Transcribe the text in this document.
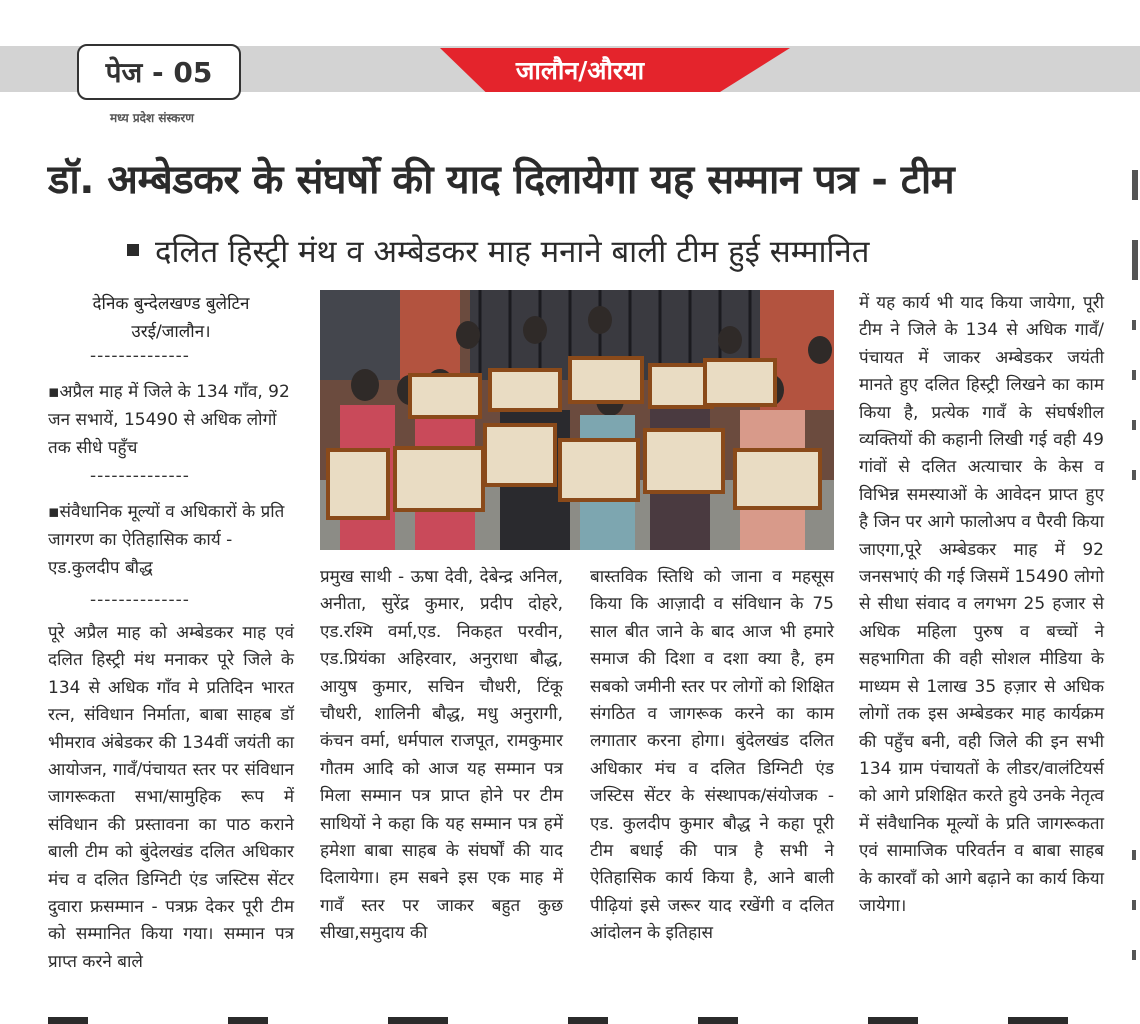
पेज - 05
मध्य प्रदेश संस्करण
जालौन/औरया
डॉ. अम्बेडकर के संघर्षो की याद दिलायेगा यह सम्मान पत्र - टीम
दलित हिस्ट्री मंथ व अम्बेडकर माह मनाने बाली टीम हुई सम्मानित
देनिक बुन्देलखण्ड बुलेटिन
उरई/जालौन।
--------------
▪अप्रैल माह में जिले के 134 गाँव, 92 जन सभायें, 15490 से अधिक लोगों तक सीधे पहुँच
--------------
▪संवैधानिक मूल्यों व अधिकारों के प्रति जागरण का ऐतिहासिक कार्य - एड.कुलदीप बौद्ध
--------------
पूरे अप्रैल माह को अम्बेडकर माह एवं दलित हिस्ट्री मंथ मनाकर पूरे जिले के 134 से अधिक गाँव मे प्रतिदिन भारत रत्न, संविधान निर्माता, बाबा साहब डॉ भीमराव अंबेडकर की 134वीं जयंती का आयोजन, गावँ/पंचायत स्तर पर संविधान जागरूकता सभा/सामुहिक रूप में संविधान की प्रस्तावना का पाठ कराने बाली टीम को बुंदेलखंड दलित अधिकार मंच व दलित डिग्निटी एंड जस्टिस सेंटर दुवारा फ्रसम्मान - पत्रफ्र देकर पूरी टीम को सम्मानित किया गया। सम्मान पत्र प्राप्त करने बाले
प्रमुख साथी - ऊषा देवी, देबेन्द्र अनिल, अनीता, सुरेंद्र कुमार, प्रदीप दोहरे, एड.रश्मि वर्मा,एड. निकहत परवीन, एड.प्रियंका अहिरवार, अनुराधा बौद्ध, आयुष कुमार, सचिन चौधरी, टिंकू चौधरी, शालिनी बौद्ध, मधु अनुरागी, कंचन वर्मा, धर्मपाल राजपूत, रामकुमार गौतम आदि को आज यह सम्मान पत्र मिला सम्मान पत्र प्राप्त होने पर टीम साथियों ने कहा कि यह सम्मान पत्र हमें हमेशा बाबा साहब के संघर्षों की याद दिलायेगा। हम सबने इस एक माह में गावँ स्तर पर जाकर बहुत कुछ सीखा,समुदाय की
बास्तविक स्तिथि को जाना व महसूस किया कि आज़ादी व संविधान के 75 साल बीत जाने के बाद आज भी हमारे समाज की दिशा व दशा क्या है, हम सबको जमीनी स्तर पर लोगों को शिक्षित संगठित व जागरूक करने का काम लगातार करना होगा। बुंदेलखंड दलित अधिकार मंच व दलित डिग्निटी एंड जस्टिस सेंटर के संस्थापक/संयोजक - एड. कुलदीप कुमार बौद्ध ने कहा पूरी टीम बधाई की पात्र है सभी ने ऐतिहासिक कार्य किया है, आने बाली पीढ़ियां इसे जरूर याद रखेंगी व दलित आंदोलन के इतिहास
में यह कार्य भी याद किया जायेगा, पूरी टीम ने जिले के 134 से अधिक गावँ/पंचायत में जाकर अम्बेडकर जयंती मानते हुए दलित हिस्ट्री लिखने का काम किया है, प्रत्येक गावँ के संघर्षशील व्यक्तियों की कहानी लिखी गई वही 49 गांवों से दलित अत्याचार के केस व विभिन्न समस्याओं के आवेदन प्राप्त हुए है जिन पर आगे फालोअप व पैरवी किया जाएगा,पूरे अम्बेडकर माह में 92 जनसभाएं की गई जिसमें 15490 लोगो से सीधा संवाद व लगभग 25 हजार से अधिक महिला पुरुष व बच्चों ने सहभागिता की वही सोशल मीडिया के माध्यम से 1लाख 35 हज़ार से अधिक लोगों तक इस अम्बेडकर माह कार्यक्रम की पहुँच बनी, वही जिले की इन सभी 134 ग्राम पंचायतों के लीडर/वालंटियर्स को आगे प्रशिक्षित करते हुये उनके नेतृत्व में संवैधानिक मूल्यों के प्रति जागरूकता एवं सामाजिक परिवर्तन व बाबा साहब के कारवाँ को आगे बढ़ाने का कार्य किया जायेगा।
